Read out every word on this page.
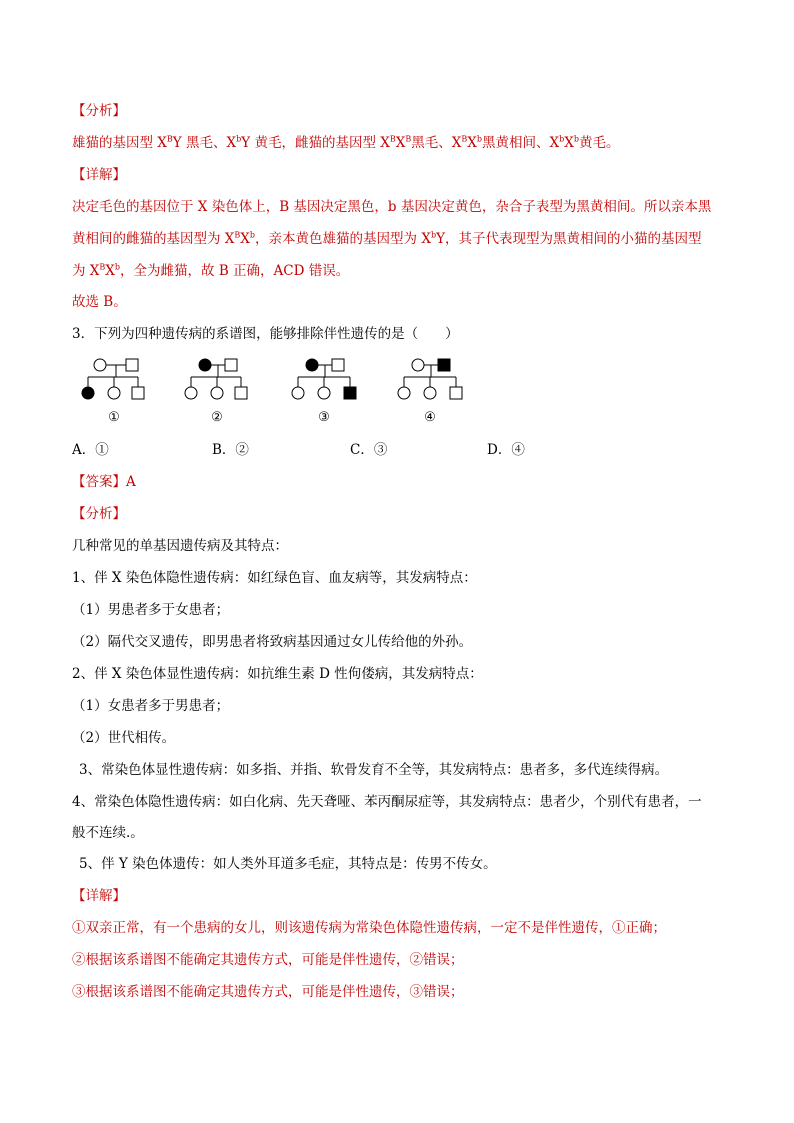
【分析】
雄猫的基因型 $X^BY$ 黑毛、$X^bY$ 黄毛，雌猫的基因型 $X^BX^B$黑毛、$X^BX^b$黑黄相间、$X^bX^b$黄毛。
【详解】
决定毛色的基因位于 X 染色体上，B 基因决定黑色，b 基因决定黄色，杂合子表型为黑黄相间。所以亲本黑
黄相间的雌猫的基因型为 $X^BX^b$，亲本黄色雄猫的基因型为 $X^bY$，其子代表现型为黑黄相间的小猫的基因型
为 $X^BX^b$，全为雌猫，故 B 正确，ACD 错误。
故选 B。
3．下列为四种遗传病的系谱图，能够排除伴性遗传的是（　　）
①	②	③	④
A．①	B．②	C．③	D．④
【答案】A
【分析】
几种常见的单基因遗传病及其特点：
1、伴 X 染色体隐性遗传病：如红绿色盲、血友病等，其发病特点：
（1）男患者多于女患者；
（2）隔代交叉遗传，即男患者将致病基因通过女儿传给他的外孙。
2、伴 X 染色体显性遗传病：如抗维生素 D 性佝偻病，其发病特点：
（1）女患者多于男患者；
（2）世代相传。
3、常染色体显性遗传病：如多指、并指、软骨发育不全等，其发病特点：患者多，多代连续得病。
4、常染色体隐性遗传病：如白化病、先天聋哑、苯丙酮尿症等，其发病特点：患者少，个别代有患者，一
般不连续.。
5、伴 Y 染色体遗传：如人类外耳道多毛症，其特点是：传男不传女。
【详解】
①双亲正常，有一个患病的女儿，则该遗传病为常染色体隐性遗传病，一定不是伴性遗传，①正确；
②根据该系谱图不能确定其遗传方式，可能是伴性遗传，②错误；
③根据该系谱图不能确定其遗传方式，可能是伴性遗传，③错误；
